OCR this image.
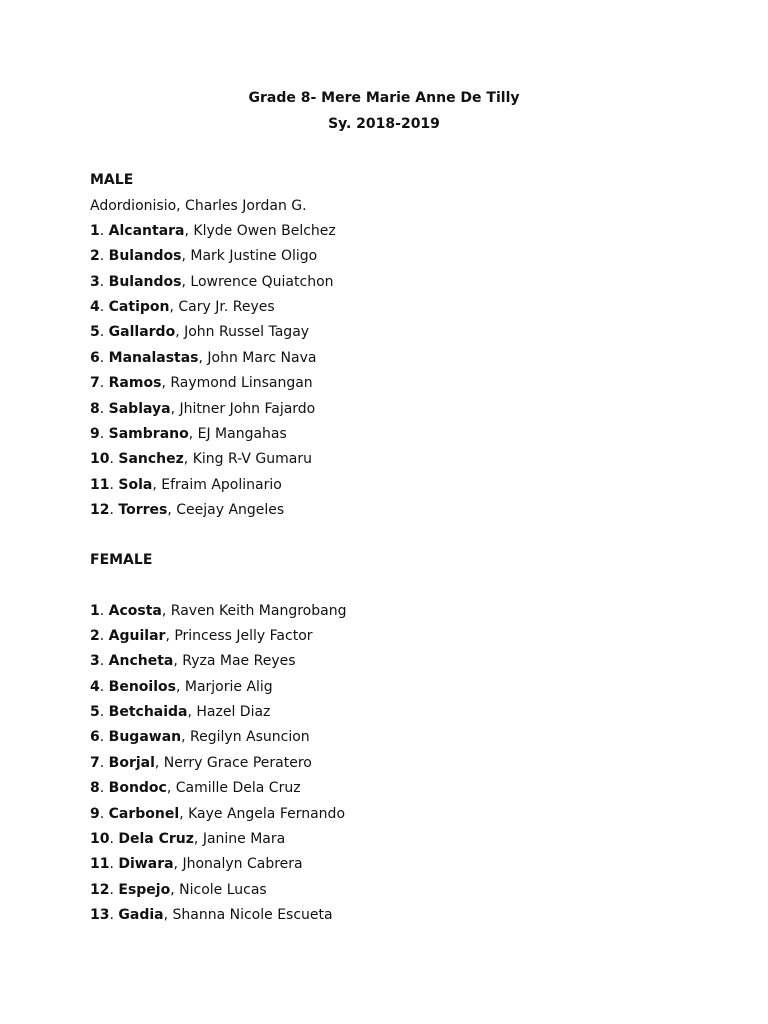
Grade 8- Mere Marie Anne De Tilly
Sy. 2018-2019
MALE
Adordionisio, Charles Jordan G.
1. Alcantara, Klyde Owen Belchez
2. Bulandos, Mark Justine Oligo
3. Bulandos, Lowrence Quiatchon
4. Catipon, Cary Jr. Reyes
5. Gallardo, John Russel Tagay
6. Manalastas, John Marc Nava
7. Ramos, Raymond Linsangan
8. Sablaya, Jhitner John Fajardo
9. Sambrano, EJ Mangahas
10. Sanchez, King R-V Gumaru
11. Sola, Efraim Apolinario
12. Torres, Ceejay Angeles
FEMALE
1. Acosta, Raven Keith Mangrobang
2. Aguilar, Princess Jelly Factor
3. Ancheta, Ryza Mae Reyes
4. Benoilos, Marjorie Alig
5. Betchaida, Hazel Diaz
6. Bugawan, Regilyn Asuncion
7. Borjal, Nerry Grace Peratero
8. Bondoc, Camille Dela Cruz
9. Carbonel, Kaye Angela Fernando
10. Dela Cruz, Janine Mara
11. Diwara, Jhonalyn Cabrera
12. Espejo, Nicole Lucas
13. Gadia, Shanna Nicole Escueta
